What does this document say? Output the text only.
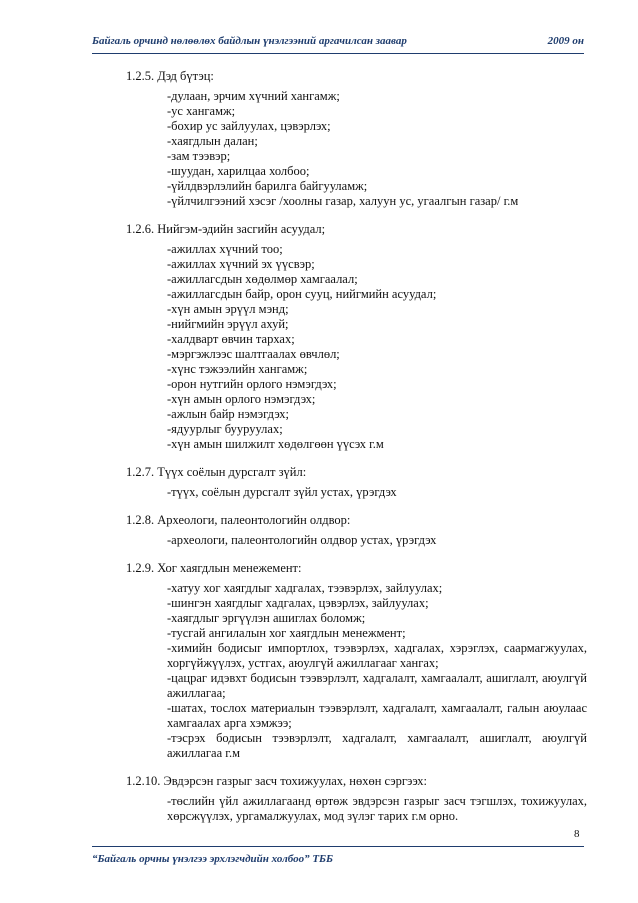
Байгаль орчинд нөлөөлөх байдлын үнэлгээний аргачилсан заавар	2009 он
1.2.5. Дэд бүтэц:
-дулаан, эрчим хүчний хангамж;
-ус хангамж;
-бохир ус зайлуулах, цэвэрлэх;
-хаягдлын далан;
-зам тээвэр;
-шуудан, харилцаа холбоо;
-үйлдвэрлэлийн барилга байгууламж;
-үйлчилгээний хэсэг /хоолны газар, халуун ус, угаалгын газар/ г.м
1.2.6. Нийгэм-эдийн засгийн асуудал;
-ажиллах хүчний тоо;
-ажиллах хүчний эх үүсвэр;
-ажиллагсдын хөдөлмөр хамгаалал;
-ажиллагсдын байр, орон сууц, нийгмийн асуудал;
-хүн амын эрүүл мэнд;
-нийгмийн эрүүл ахуй;
-халдварт өвчин тархах;
-мэргэжлээс шалтгаалах өвчлөл;
-хүнс тэжээлийн хангамж;
-орон нутгийн орлого нэмэгдэх;
-хүн амын орлого нэмэгдэх;
-ажлын байр нэмэгдэх;
-ядуурлыг бууруулах;
-хүн амын шилжилт хөдөлгөөн үүсэх г.м
1.2.7. Түүх соёлын дурсгалт зүйл:
-түүх, соёлын дурсгалт зүйл устах, үрэгдэх
1.2.8. Археологи, палеонтологийн олдвор:
-археологи, палеонтологийн олдвор устах, үрэгдэх
1.2.9. Хог хаягдлын менежемент:
-хатуу хог хаягдлыг хадгалах, тээвэрлэх, зайлуулах;
-шингэн хаягдлыг хадгалах, цэвэрлэх, зайлуулах;
-хаягдлыг эргүүлэн ашиглах боломж;
-тусгай ангилалын хог хаягдлын менежмент;
-химийн бодисыг импортлох, тээвэрлэх, хадгалах, хэрэглэх, саармагжуулах, хоргүйжүүлэх, устгах, аюулгүй ажиллагааг хангах;
-цацраг идэвхт бодисын тээвэрлэлт, хадгалалт, хамгаалалт, ашиглалт, аюулгүй ажиллагаа;
-шатах, тослох материалын тээвэрлэлт, хадгалалт, хамгаалалт, галын аюулаас хамгаалах арга хэмжээ;
-тэсрэх бодисын тээвэрлэлт, хадгалалт, хамгаалалт, ашиглалт, аюулгүй ажиллагаа г.м
1.2.10. Эвдэрсэн газрыг засч тохижуулах, нөхөн сэргээх:
-төслийн үйл ажиллагаанд өртөж эвдэрсэн газрыг засч тэгшлэх, тохижуулах, хөрсжүүлэх, ургамалжуулах, мод зүлэг тарих г.м орно.
8
“Байгаль орчны үнэлгээ эрхлэгчдийн холбоо” ТББ
